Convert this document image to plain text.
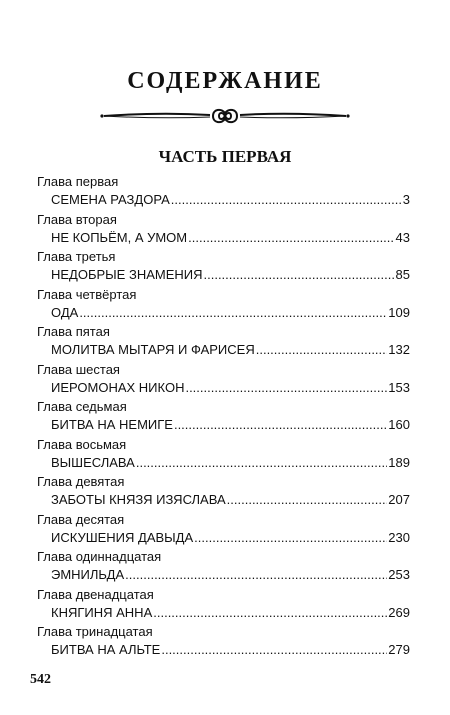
СОДЕРЖАНИЕ
ЧАСТЬ ПЕРВАЯ
Глава первая
СЕМЕНА РАЗДОРА .....	3
Глава вторая
НЕ КОПЬЁМ, А УМОМ .....	43
Глава третья
НЕДОБРЫЕ ЗНАМЕНИЯ .....	85
Глава четвёртая
ОДА .....	109
Глава пятая
МОЛИТВА МЫТАРЯ И ФАРИСЕЯ .....	132
Глава шестая
ИЕРОМОНАХ НИКОН .....	153
Глава седьмая
БИТВА НА НЕМИГЕ .....	160
Глава восьмая
ВЫШЕСЛАВА .....	189
Глава девятая
ЗАБОТЫ КНЯЗЯ ИЗЯСЛАВА .....	207
Глава десятая
ИСКУШЕНИЯ ДАВЫДА .....	230
Глава одиннадцатая
ЭМНИЛЬДА .....	253
Глава двенадцатая
КНЯГИНЯ АННА .....	269
Глава тринадцатая
БИТВА НА АЛЬТЕ .....	279
542
